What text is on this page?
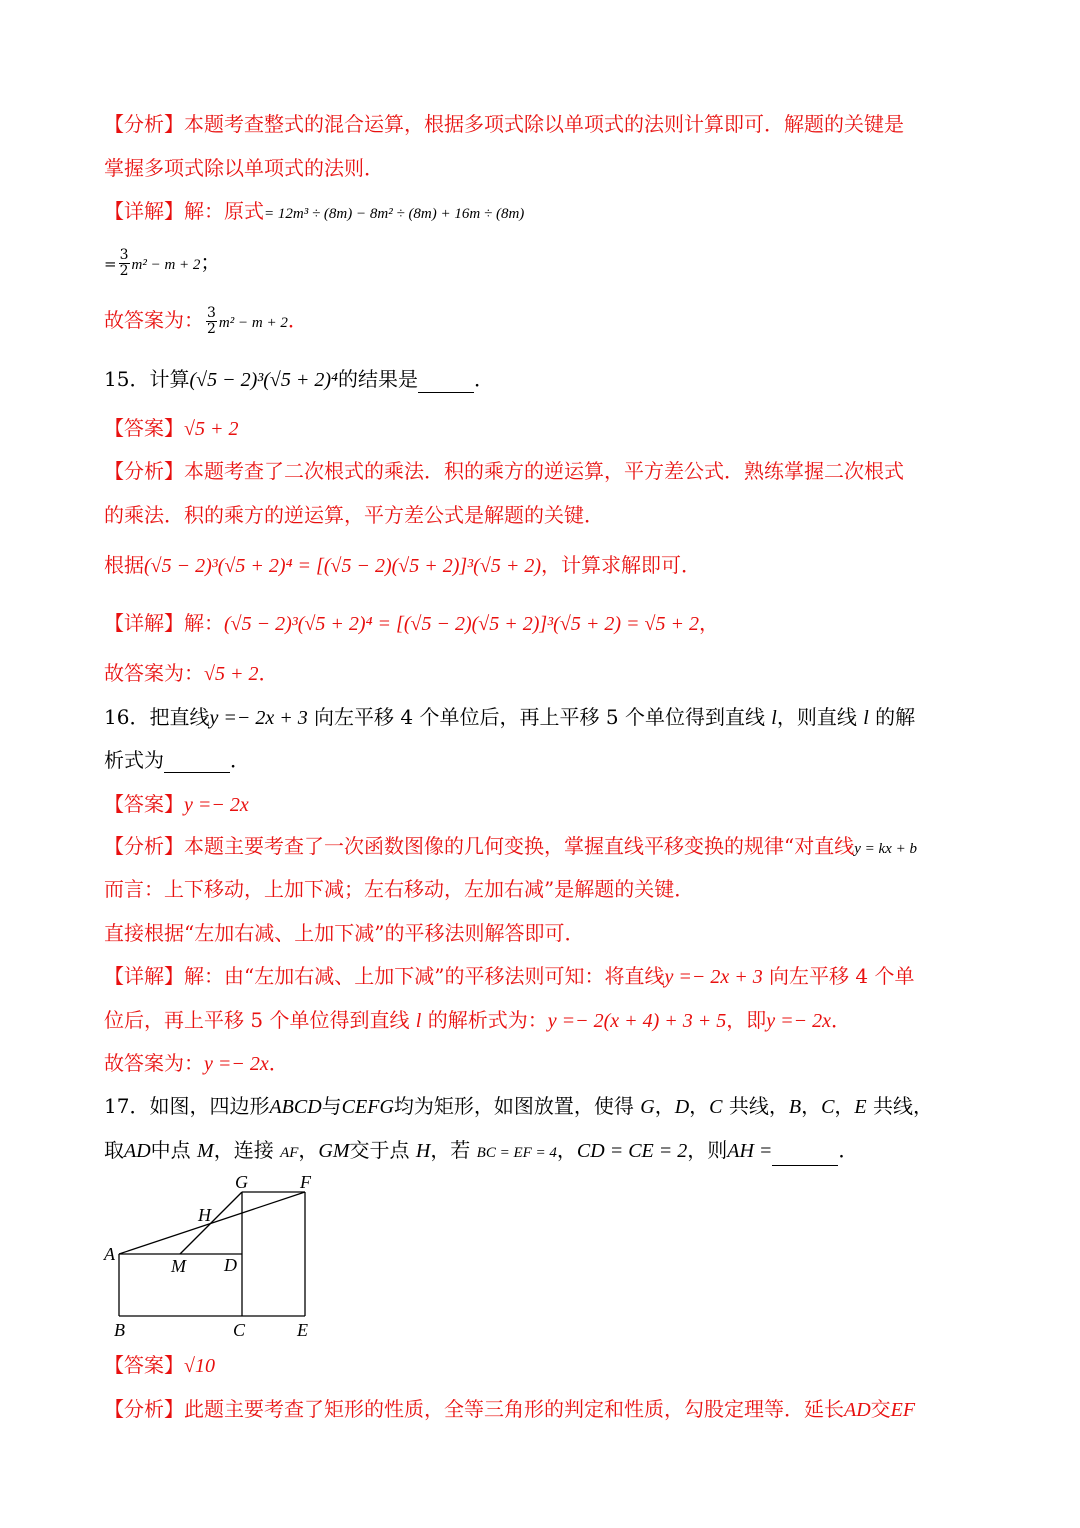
【分析】本题考查整式的混合运算，根据多项式除以单项式的法则计算即可．解题的关键是
掌握多项式除以单项式的法则．
【详解】解：原式= 12m³ ÷ (8m) − 8m² ÷ (8m) + 16m ÷ (8m)
= $\frac{3}{2} m^2 - m + 2$；
故答案为： $\frac{3}{2} m^2 - m + 2$．
15．计算(√5 − 2)³(√5 + 2)⁴的结果是	．
【答案】√5 + 2
【分析】本题考查了二次根式的乘法．积的乘方的逆运算，平方差公式．熟练掌握二次根式
的乘法．积的乘方的逆运算，平方差公式是解题的关键．
根据(√5 − 2)³(√5 + 2)⁴ = [(√5 − 2)(√5 + 2)]³(√5 + 2)，计算求解即可．
【详解】解：(√5 − 2)³(√5 + 2)⁴ = [(√5 − 2)(√5 + 2)]³(√5 + 2) = √5 + 2，
故答案为：√5 + 2．
16．把直线y =− 2x + 3 向左平移 4 个单位后，再上平移 5 个单位得到直线 l，则直线 l 的解
析式为	．
【答案】y =− 2x
【分析】本题主要考查了一次函数图像的几何变换，掌握直线平移变换的规律“对直线y = kx + b
而言：上下移动，上加下减；左右移动，左加右减”是解题的关键．
直接根据“左加右减、上加下减”的平移法则解答即可．
【详解】解：由“左加右减、上加下减”的平移法则可知：将直线y =− 2x + 3 向左平移 4 个单
位后，再上平移 5 个单位得到直线 l 的解析式为：y =− 2(x + 4) + 3 + 5，即y =− 2x．
故答案为：y =− 2x．
17．如图，四边形ABCD与CEFG均为矩形，如图放置，使得 G，D，C 共线，B，C，E 共线，
取AD中点 M，连接 AF，GM交于点 H，若 BC = EF = 4，CD = CE = 2，则AH =	．
G	F
H
A
M D
B	C	E
【答案】√10
【分析】此题主要考查了矩形的性质，全等三角形的判定和性质，勾股定理等．延长AD交EF
